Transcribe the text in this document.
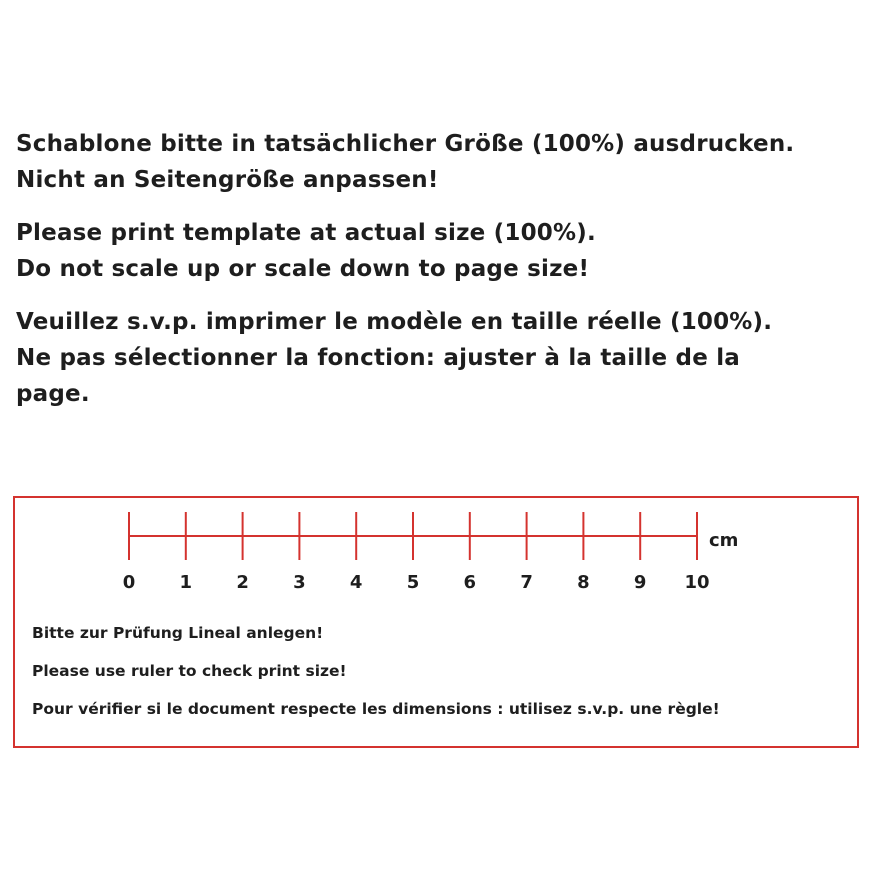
Schablone bitte in tatsächlicher Größe (100%) ausdrucken.
Nicht an Seitengröße anpassen!

Please print template at actual size (100%).
Do not scale up or scale down to page size!

Veuillez s.v.p. imprimer le modèle en taille réelle (100%).
Ne pas sélectionner la fonction: ajuster à la taille de la
page.

0 1 2 3 4 5 6 7 8 9 10
cm
Bitte zur Prüfung Lineal anlegen!
Please use ruler to check print size!
Pour vérifier si le document respecte les dimensions : utilisez s.v.p. une règle!
